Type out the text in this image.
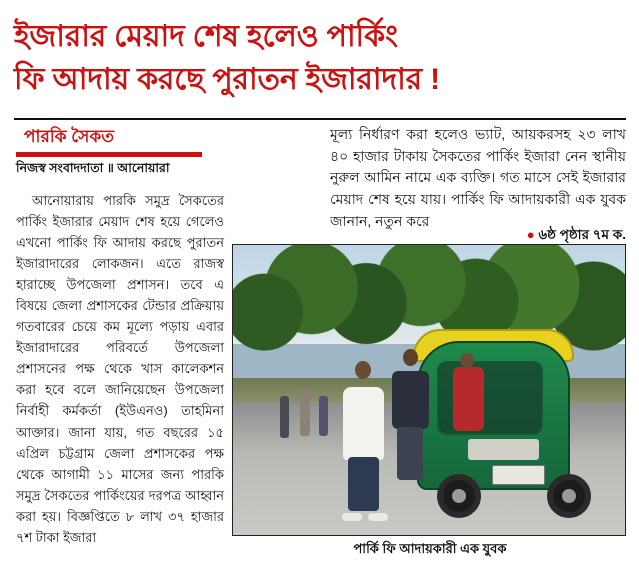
ইজারার মেয়াদ শেষ হলেও পার্কিং
ফি আদায় করছে পুরাতন ইজারাদার !
পারকি সৈকত
নিজস্ব সংবাদদাতা ॥ আনোয়ারা

আনোয়ারায় পারকি সমুদ্র সৈকতের পার্কিং ইজারার মেয়াদ শেষ হয়ে গেলেও এখনো পার্কিং ফি আদায় করছে পুরাতন ইজারাদারের লোকজন। এতে রাজস্ব হারাচ্ছে উপজেলা প্রশাসন। তবে এ বিষয়ে জেলা প্রশাসকের টেন্ডার প্রক্রিয়ায় গতবারের চেয়ে কম মূল্যে পড়ায় এবার ইজারাদারের পরিবর্তে উপজেলা প্রশাসনের পক্ষ থেকে খাস কালেকশন করা হবে বলে জানিয়েছেন উপজেলা নির্বাহী কর্মকর্তা (ইউএনও) তাহমিনা আক্তার। জানা যায়, গত বছরের ১৫ এপ্রিল চট্টগ্রাম জেলা প্রশাসকের পক্ষ থেকে আগামী ১১ মাসের জন্য পারকি সমুদ্র সৈকতের পার্কিংয়ের দরপত্র আহ্বান করা হয়। বিজ্ঞপ্তিতে ৮ লাখ ৩৭ হাজার ৭শ টাকা ইজারা

মূল্য নির্ধারণ করা হলেও ভ্যাট, আয়করসহ ২৩ লাখ ৪০ হাজার টাকায় সৈকতের পার্কিং ইজারা নেন স্থানীয় নুরুল আমিন নামে এক ব্যক্তি। গত মাসে সেই ইজারার মেয়াদ শেষ হয়ে যায়। পার্কিং ফি আদায়কারী এক যুবক জানান, নতুন করে

● ৬ষ্ঠ পৃষ্ঠার ৭ম ক.
পার্কি ফি আদায়কারী এক যুবক
